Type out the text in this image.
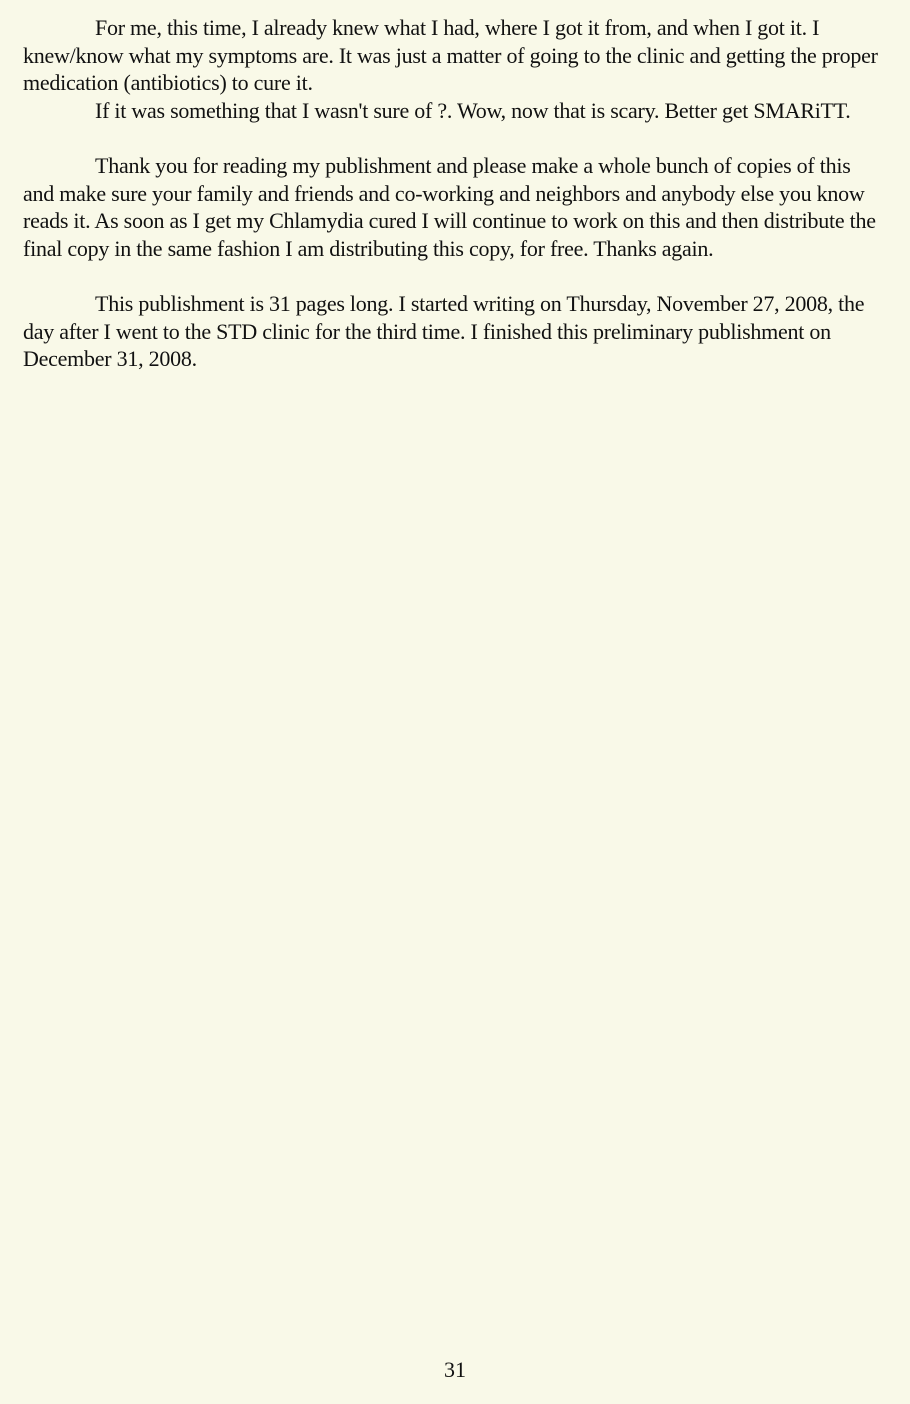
For me, this time, I already knew what I had, where I got it from, and when I got it. I knew/know what my symptoms are. It was just a matter of going to the clinic and getting the proper medication (antibiotics) to cure it.

If it was something that I wasn't sure of ?. Wow, now that is scary. Better get SMARiTT.

Thank you for reading my publishment and please make a whole bunch of copies of this and make sure your family and friends and co-working and neighbors and anybody else you know reads it. As soon as I get my Chlamydia cured I will continue to work on this and then distribute the final copy in the same fashion I am distributing this copy, for free. Thanks again.

This publishment is 31 pages long. I started writing on Thursday, November 27, 2008, the day after I went to the STD clinic for the third time. I finished this preliminary publishment on December 31, 2008.

31
